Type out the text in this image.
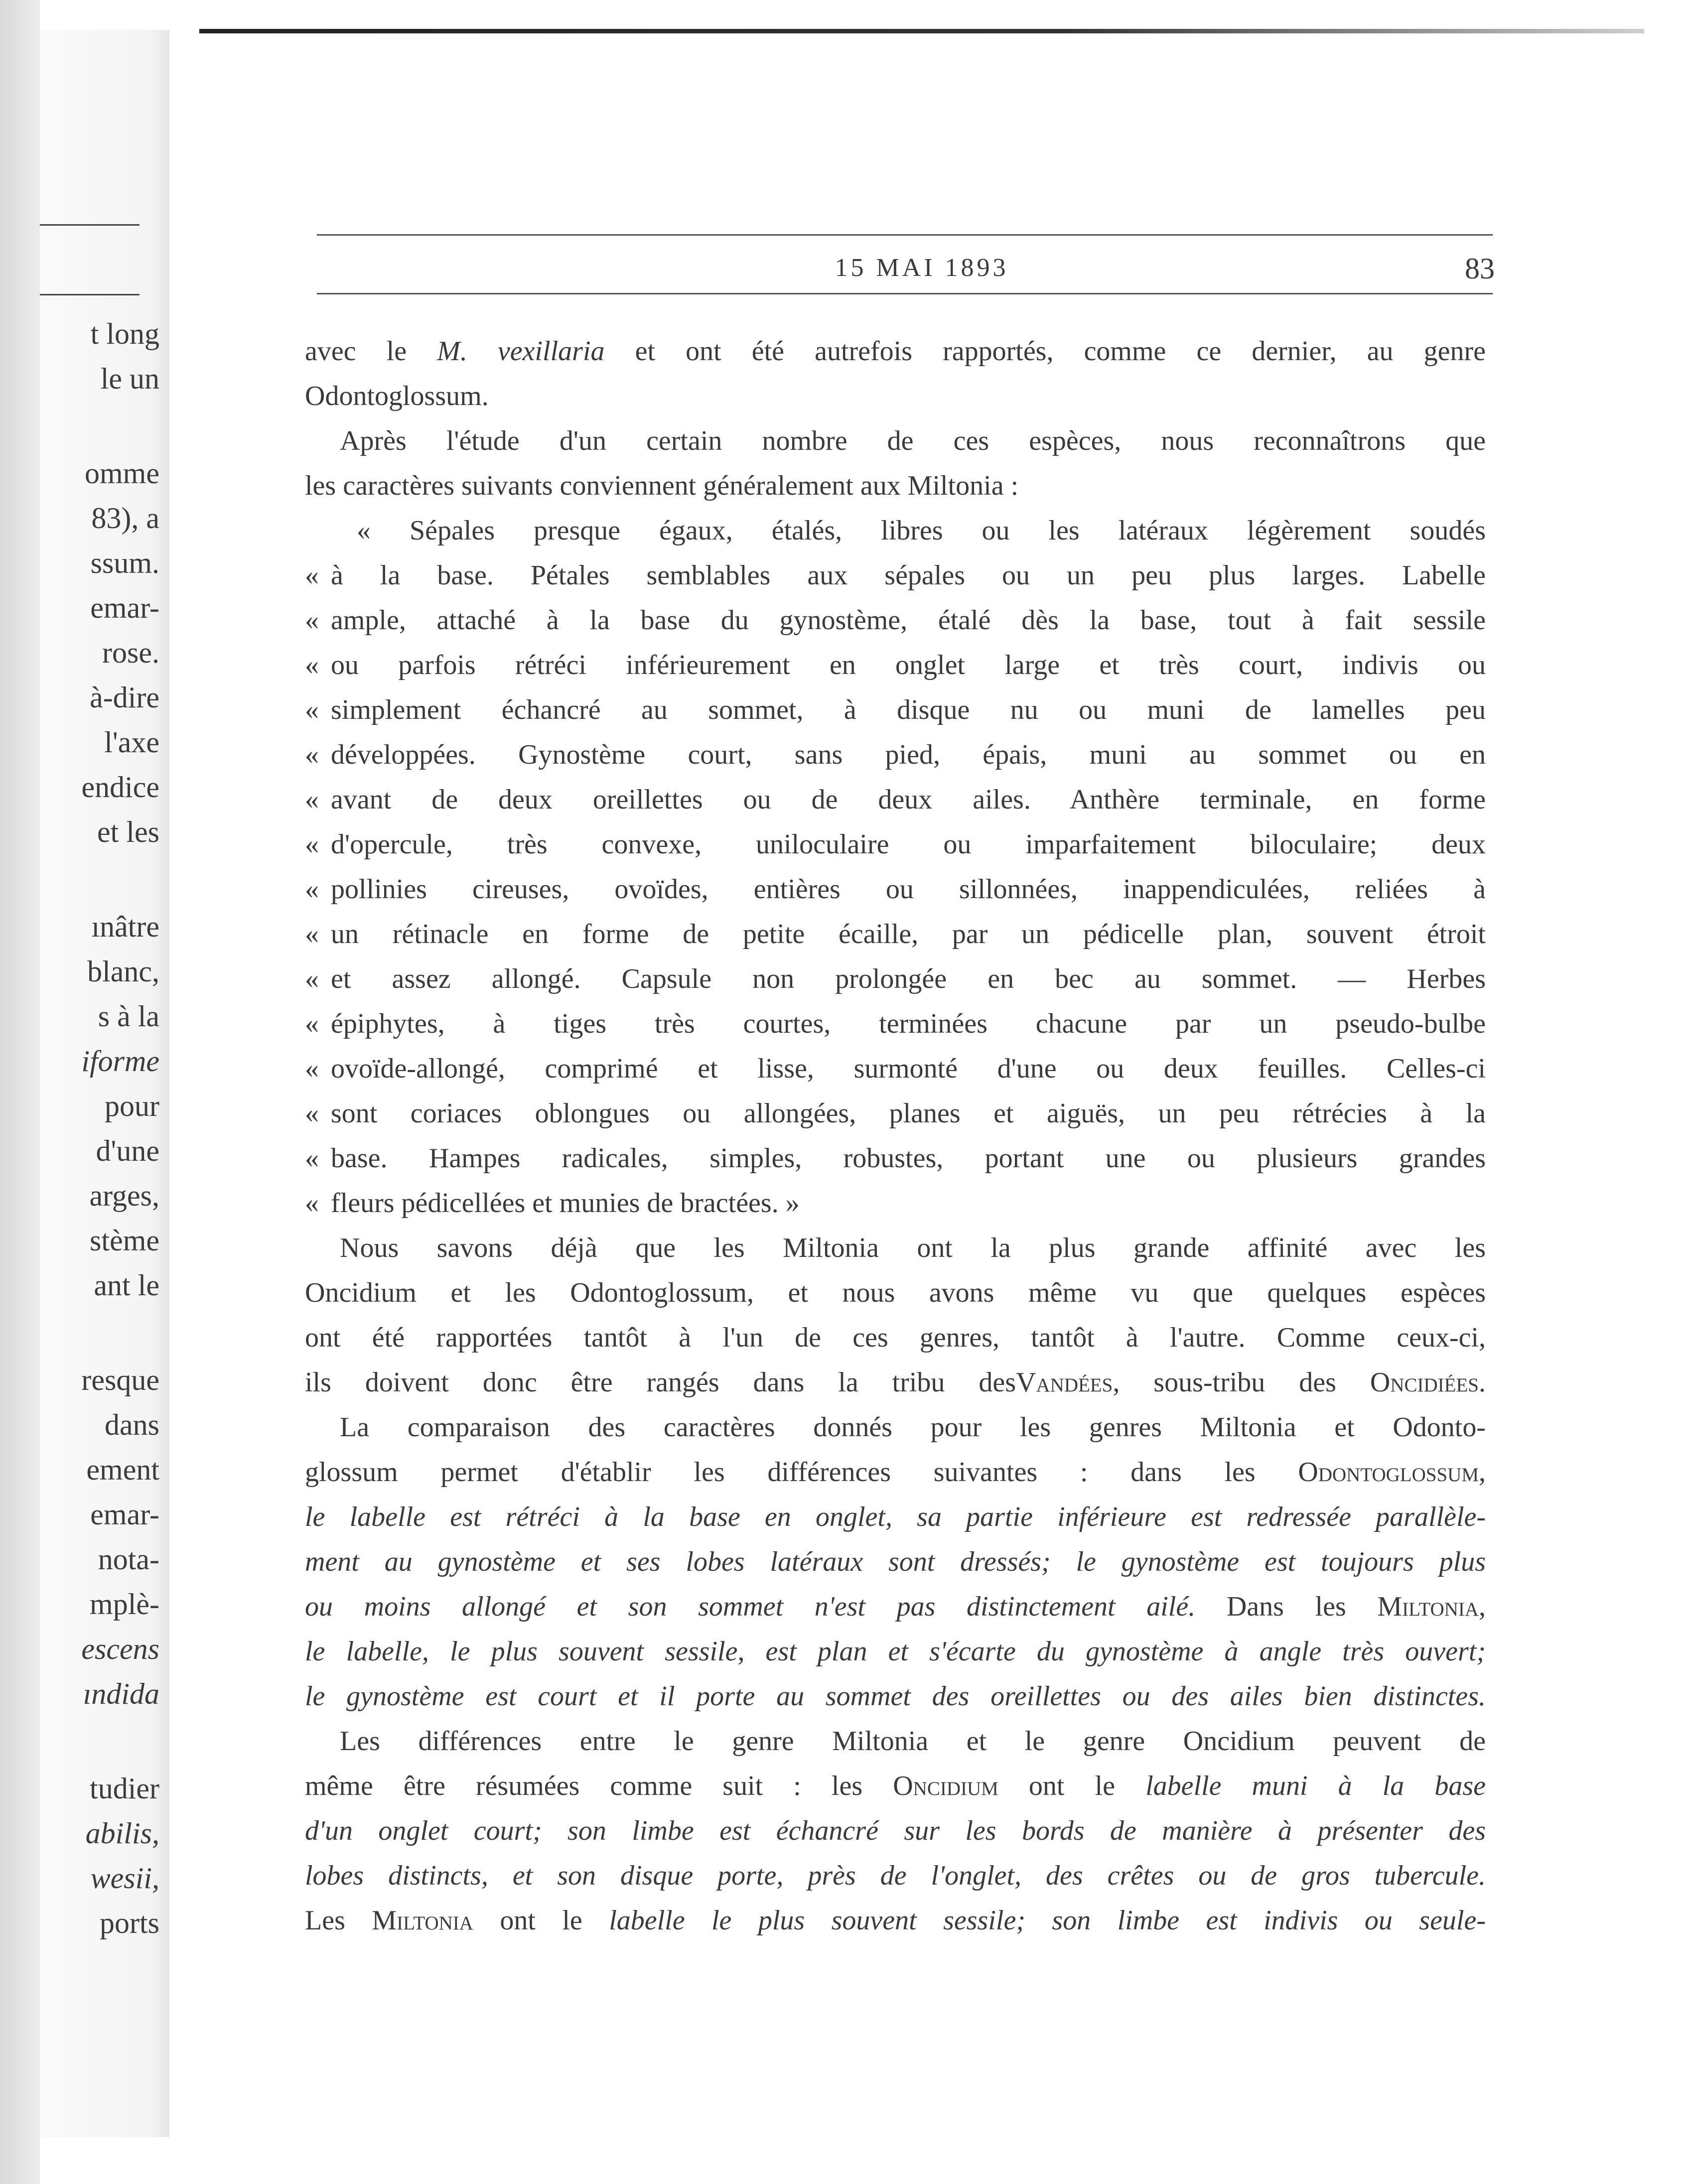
t long
le un
omme
83), a
ssum.
emar-
rose.
à-dire
l'axe
endice
et les
ınâtre
blanc,
s à la
iforme
pour
d'une
arges,
stème
ant le
resque
dans
ement
emar-
nota-
mplè-
escens
ındida
tudier
abilis,
wesii,
ports
15 MAI 1893	83

avec le M. vexillaria et ont été autrefois rapportés, comme ce dernier, au genre

Odontoglossum.

Après l'étude d'un certain nombre de ces espèces, nous reconnaîtrons que

les caractères suivants conviennent généralement aux Miltonia :

« Sépales presque égaux, étalés, libres ou les latéraux légèrement soudés

« à la base. Pétales semblables aux sépales ou un peu plus larges. Labelle

« ample, attaché à la base du gynostème, étalé dès la base, tout à fait sessile

« ou parfois rétréci inférieurement en onglet large et très court, indivis ou

« simplement échancré au sommet, à disque nu ou muni de lamelles peu

« développées. Gynostème court, sans pied, épais, muni au sommet ou en

« avant de deux oreillettes ou de deux ailes. Anthère terminale, en forme

« d'opercule, très convexe, uniloculaire ou imparfaitement biloculaire; deux

« pollinies cireuses, ovoïdes, entières ou sillonnées, inappendiculées, reliées à

« un rétinacle en forme de petite écaille, par un pédicelle plan, souvent étroit

« et assez allongé. Capsule non prolongée en bec au sommet. — Herbes

« épiphytes, à tiges très courtes, terminées chacune par un pseudo-bulbe

« ovoïde-allongé, comprimé et lisse, surmonté d'une ou deux feuilles. Celles-ci

« sont coriaces oblongues ou allongées, planes et aiguës, un peu rétrécies à la

« base. Hampes radicales, simples, robustes, portant une ou plusieurs grandes

« fleurs pédicellées et munies de bractées. »

Nous savons déjà que les Miltonia ont la plus grande affinité avec les

Oncidium et les Odontoglossum, et nous avons même vu que quelques espèces

ont été rapportées tantôt à l'un de ces genres, tantôt à l'autre. Comme ceux-ci,

ils doivent donc être rangés dans la tribu desVandées, sous-tribu des Oncidiées.

La comparaison des caractères donnés pour les genres Miltonia et Odonto-

glossum permet d'établir les différences suivantes : dans les Odontoglossum,

le labelle est rétréci à la base en onglet, sa partie inférieure est redressée parallèle-

ment au gynostème et ses lobes latéraux sont dressés; le gynostème est toujours plus

ou moins allongé et son sommet n'est pas distinctement ailé. Dans les Miltonia,

le labelle, le plus souvent sessile, est plan et s'écarte du gynostème à angle très ouvert;

le gynostème est court et il porte au sommet des oreillettes ou des ailes bien distinctes.

Les différences entre le genre Miltonia et le genre Oncidium peuvent de

même être résumées comme suit : les Oncidium ont le labelle muni à la base

d'un onglet court; son limbe est échancré sur les bords de manière à présenter des

lobes distincts, et son disque porte, près de l'onglet, des crêtes ou de gros tubercule.

Les Miltonia ont le labelle le plus souvent sessile; son limbe est indivis ou seule-
